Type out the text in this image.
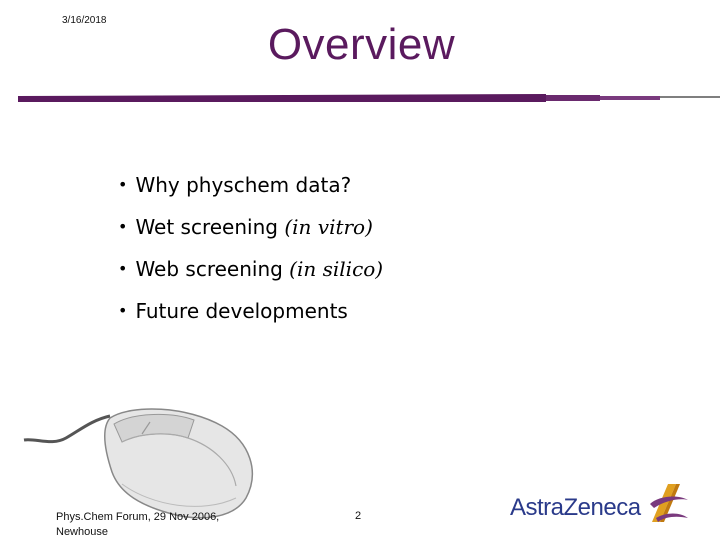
3/16/2018	Overview
• Why physchem data?
• Wet screening (in vitro)
• Web screening (in silico)
• Future developments
Phys.Chem Forum, 29 Nov 2006,
Newhouse
2	AstraZeneca
